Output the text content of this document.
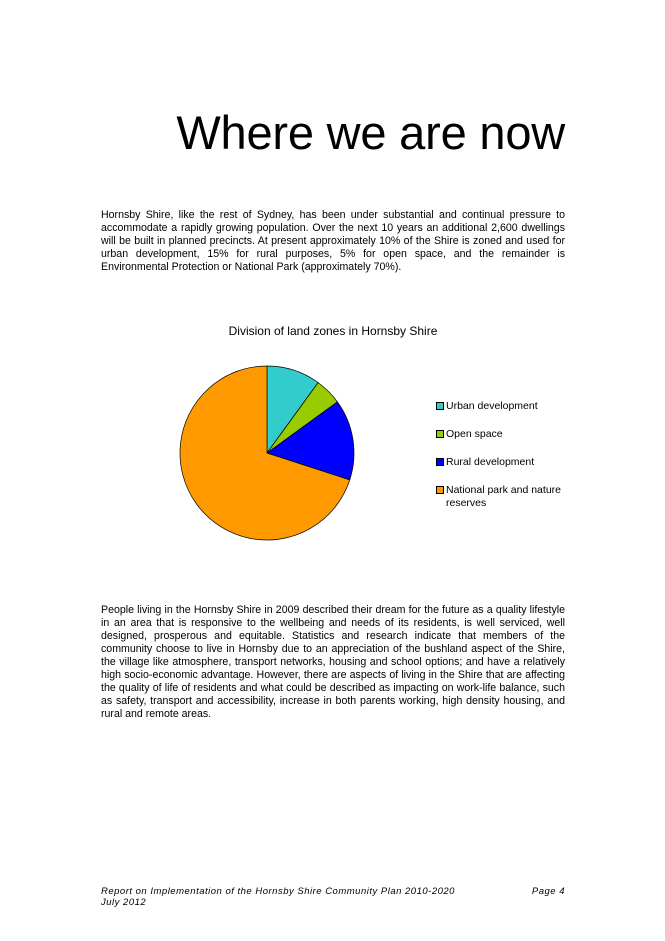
Where we are now

Hornsby Shire, like the rest of Sydney, has been under substantial and continual pressure to accommodate a rapidly growing population. Over the next 10 years an additional 2,600 dwellings will be built in planned precincts. At present approximately 10% of the Shire is zoned and used for urban development, 15% for rural purposes, 5% for open space, and the remainder is Environmental Protection or National Park (approximately 70%).

Division of land zones in Hornsby Shire
Urban development
Open space
Rural development
National park and nature reserves

People living in the Hornsby Shire in 2009 described their dream for the future as a quality lifestyle in an area that is responsive to the wellbeing and needs of its residents, is well serviced, well designed, prosperous and equitable. Statistics and research indicate that members of the community choose to live in Hornsby due to an appreciation of the bushland aspect of the Shire, the village like atmosphere, transport networks, housing and school options; and have a relatively high socio-economic advantage. However, there are aspects of living in the Shire that are affecting the quality of life of residents and what could be described as impacting on work-life balance, such as safety, transport and accessibility, increase in both parents working, high density housing, and rural and remote areas.

Report on Implementation of the Hornsby Shire Community Plan 2010-2020
July 2012
Page 4
